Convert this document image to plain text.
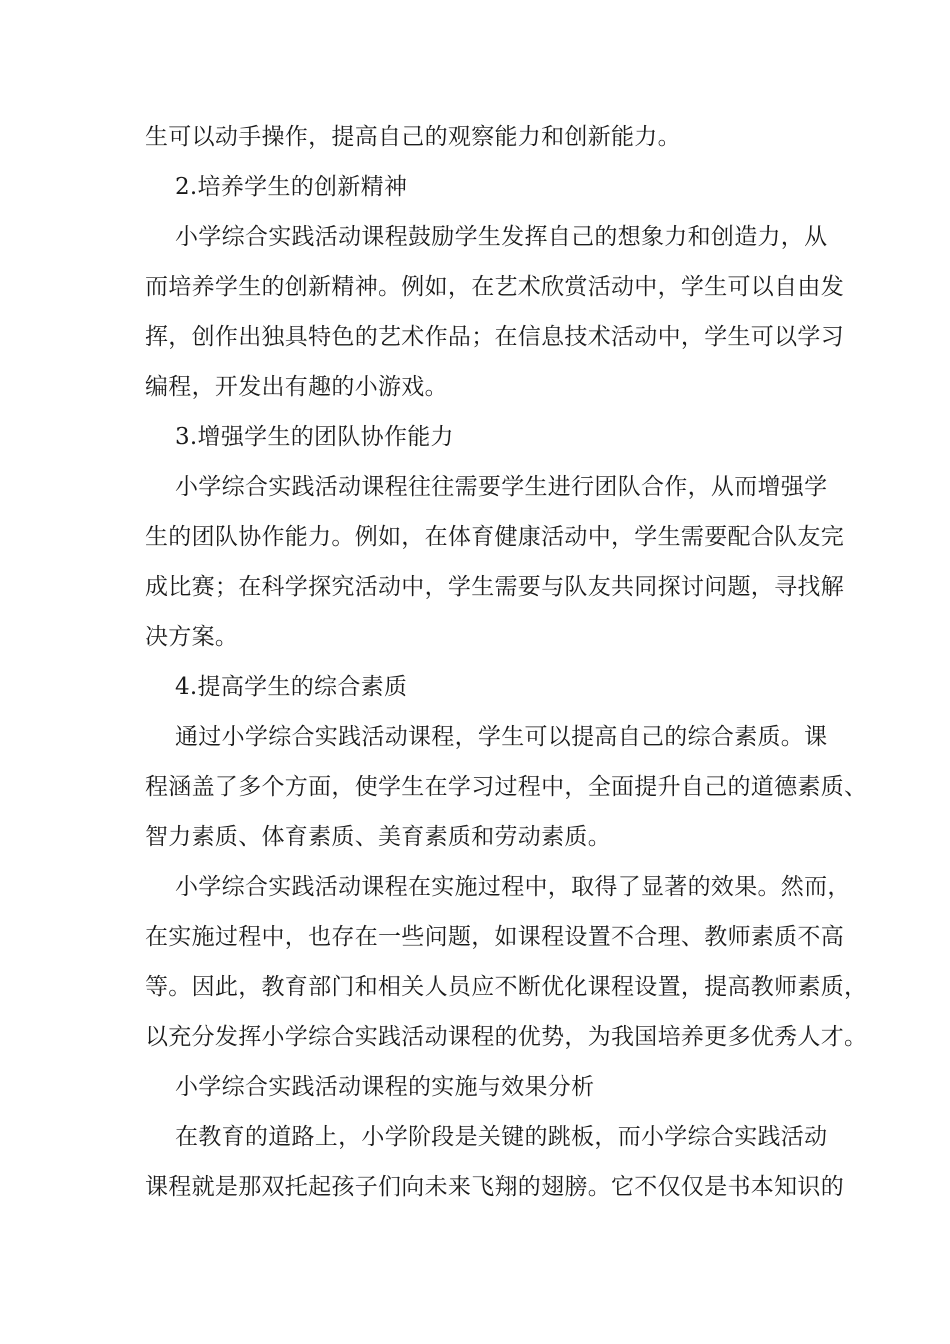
生可以动手操作，提高自己的观察能力和创新能力。
2.培养学生的创新精神
小学综合实践活动课程鼓励学生发挥自己的想象力和创造力，从
而培养学生的创新精神。例如，在艺术欣赏活动中，学生可以自由发
挥，创作出独具特色的艺术作品；在信息技术活动中，学生可以学习
编程，开发出有趣的小游戏。
3.增强学生的团队协作能力
小学综合实践活动课程往往需要学生进行团队合作，从而增强学
生的团队协作能力。例如，在体育健康活动中，学生需要配合队友完
成比赛；在科学探究活动中，学生需要与队友共同探讨问题，寻找解
决方案。
4.提高学生的综合素质
通过小学综合实践活动课程，学生可以提高自己的综合素质。课
程涵盖了多个方面，使学生在学习过程中，全面提升自己的道德素质、
智力素质、体育素质、美育素质和劳动素质。
小学综合实践活动课程在实施过程中，取得了显著的效果。然而，
在实施过程中，也存在一些问题，如课程设置不合理、教师素质不高
等。因此，教育部门和相关人员应不断优化课程设置，提高教师素质，
以充分发挥小学综合实践活动课程的优势，为我国培养更多优秀人才。
小学综合实践活动课程的实施与效果分析
在教育的道路上，小学阶段是关键的跳板，而小学综合实践活动
课程就是那双托起孩子们向未来飞翔的翅膀。它不仅仅是书本知识的
